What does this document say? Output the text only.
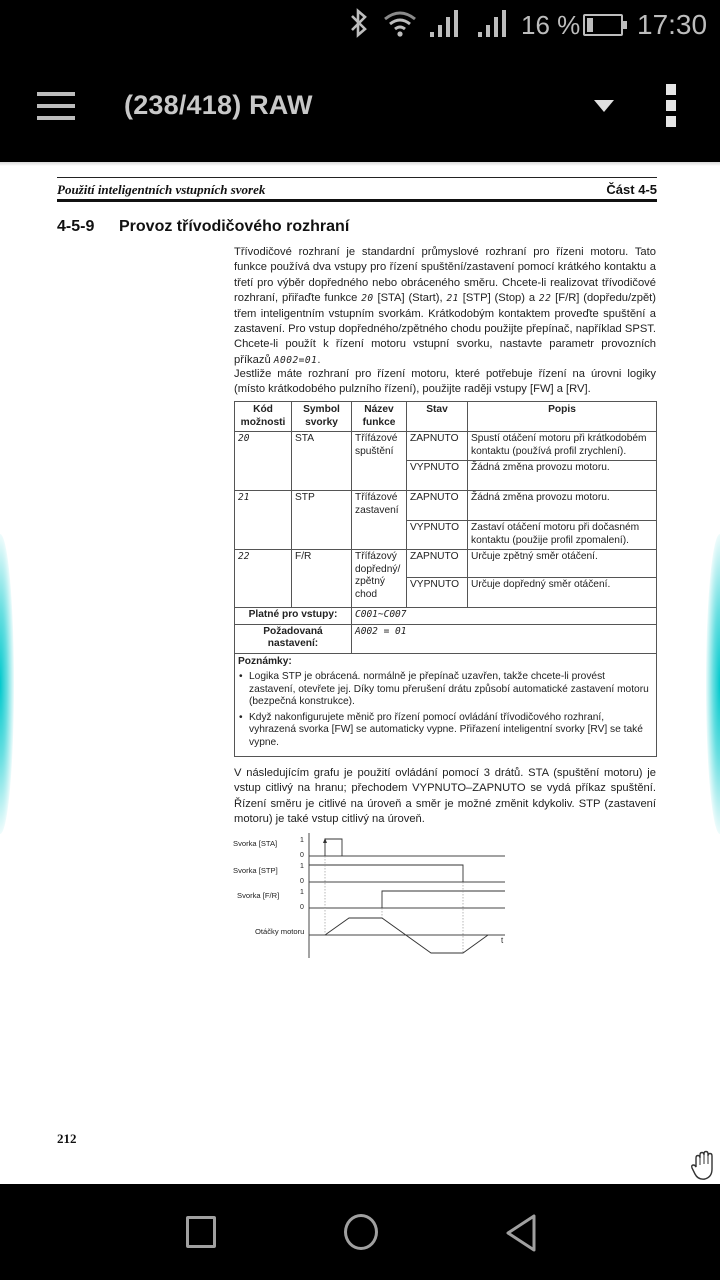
16 % 17:30
(238/418) RAW
Použití inteligentních vstupních svorek	Část 4-5
4-5-9 Provoz třívodičového rozhraní

Třívodičové rozhraní je standardní průmyslové rozhraní pro řízeni motoru. Tato funkce používá dva vstupy pro řízení spuštění/zastavení pomocí krátkého kontaktu a třetí pro výběr dopředného nebo obráceného směru. Chcete-li realizovat třívodičové rozhraní, přiřaďte funkce 20 [STA] (Start), 21 [STP] (Stop) a 22 [F/R] (dopředu/zpět) třem inteligentním vstupním svorkám. Krátkodobým kontaktem proveďte spuštění a zastavení. Pro vstup dopředného/zpětného chodu použijte přepínač, například SPST. Chcete-li použít k řízení motoru vstupní svorku, nastavte parametr provozních příkazů A002=01.

Jestliže máte rozhraní pro řízení motoru, které potřebuje řízení na úrovni logiky (místo krátkodobého pulzního řízení), použijte raději vstupy [FW] a [RV].

Kód možnosti	Symbol svorky	Název funkce	Stav	Popis
20	STA	Třífázové spuštění	ZAPNUTO	Spustí otáčení motoru při krátkodobém kontaktu (používá profil zrychlení).
			VYPNUTO	Žádná změna provozu motoru.
21	STP	Třífázové zastavení	ZAPNUTO	Žádná změna provozu motoru.
			VYPNUTO	Zastaví otáčení motoru při dočasném kontaktu (použije profil zpomalení).
22	F/R	Třífázový dopředný/ zpětný chod	ZAPNUTO	Určuje zpětný směr otáčení.
			VYPNUTO	Určuje dopředný směr otáčení.
Platné pro vstupy:		C001~C007		
Požadovaná nastavení:		A002 = 01		

Poznámky:
• Logika STP je obrácená. normálně je přepínač uzavřen, takže chcete-li provést zastavení, otevřete jej. Díky tomu přerušení drátu způsobí automatické zastavení motoru (bezpečná konstrukce).
• Když nakonfigurujete měnič pro řízení pomocí ovládání třívodičového rozhraní, vyhrazená svorka [FW] se automaticky vypne. Přiřazení inteligentní svorky [RV] se také vypne.

V následujícím grafu je použití ovládání pomocí 3 drátů. STA (spuštění motoru) je vstup citlivý na hranu; přechodem VYPNUTO–ZAPNUTO se vydá příkaz spuštění. Řízení směru je citlivé na úroveň a směr je možné změnit kdykoliv. STP (zastavení motoru) je také vstup citlivý na úroveň.

Svorka [STA]	1
0
Svorka [STP]	1
0
Svorka [F/R]	1
0
Otáčky motoru
t
212
